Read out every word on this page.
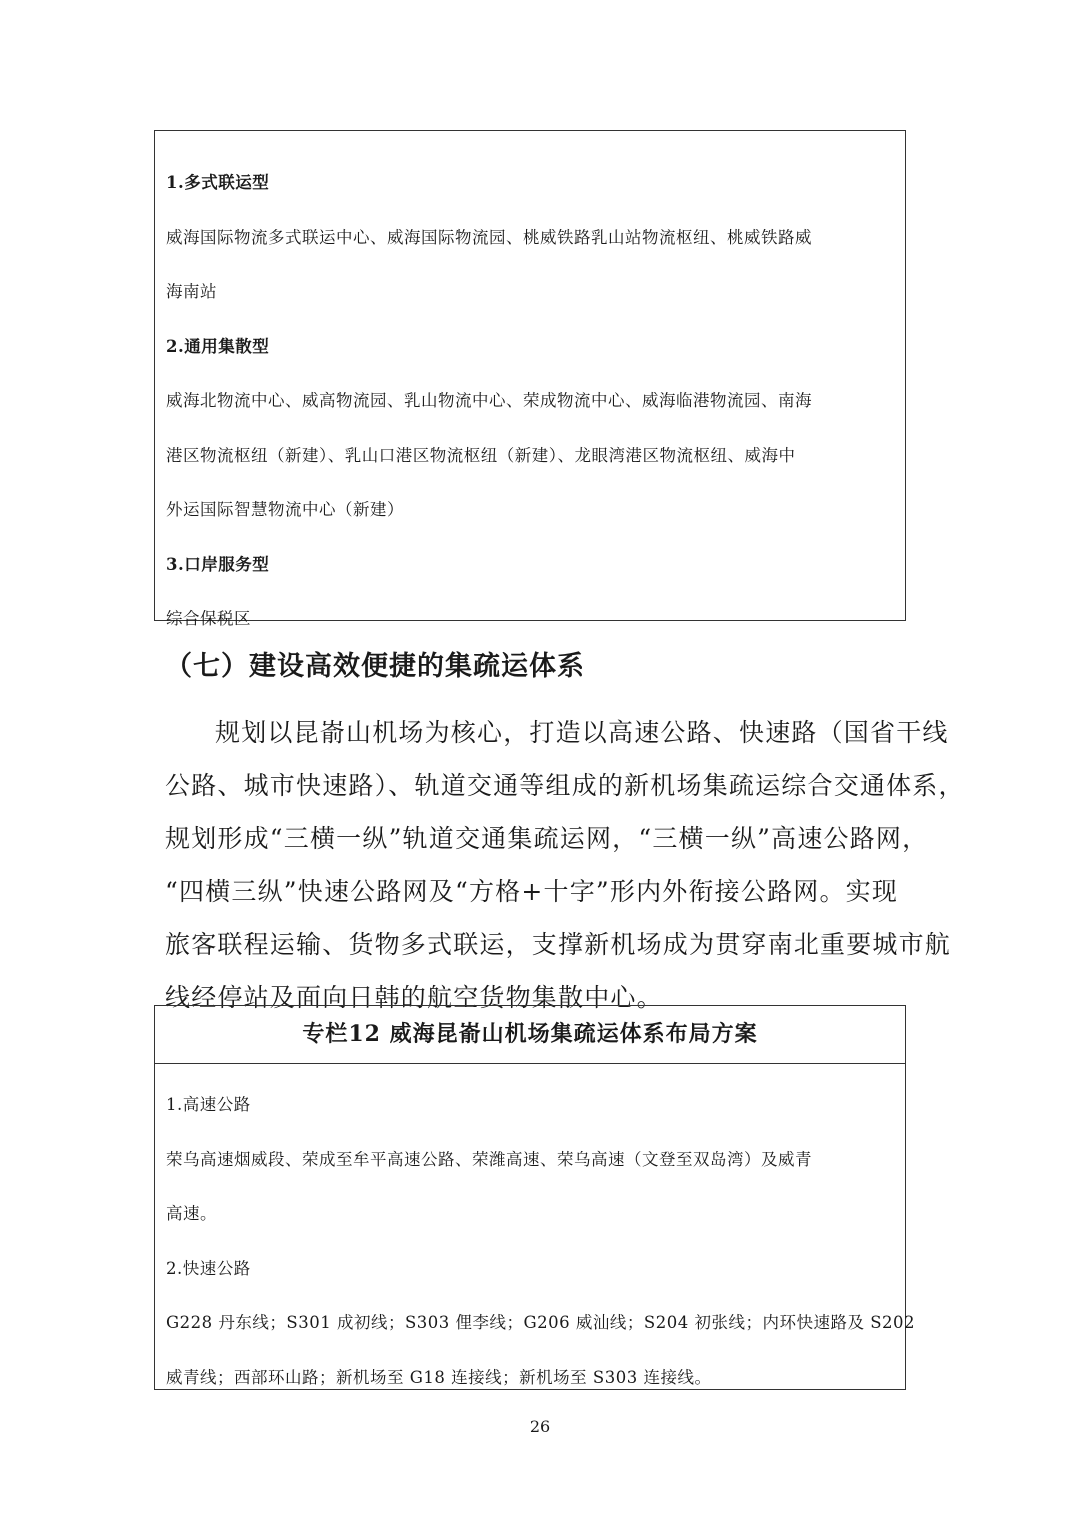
1.多式联运型
威海国际物流多式联运中心、威海国际物流园、桃威铁路乳山站物流枢纽、桃威铁路威
海南站
2.通用集散型
威海北物流中心、威高物流园、乳山物流中心、荣成物流中心、威海临港物流园、南海
港区物流枢纽（新建）、乳山口港区物流枢纽（新建）、龙眼湾港区物流枢纽、威海中
外运国际智慧物流中心（新建）
3.口岸服务型
综合保税区
（七）建设高效便捷的集疏运体系
规划以昆嵛山机场为核心，打造以高速公路、快速路（国省干线
公路、城市快速路）、轨道交通等组成的新机场集疏运综合交通体系，
规划形成“三横一纵”轨道交通集疏运网，“三横一纵”高速公路网，
“四横三纵”快速公路网及“方格+十字”形内外衔接公路网。实现
旅客联程运输、货物多式联运，支撑新机场成为贯穿南北重要城市航
线经停站及面向日韩的航空货物集散中心。
专栏12 威海昆嵛山机场集疏运体系布局方案
1.高速公路
荣乌高速烟威段、荣成至牟平高速公路、荣潍高速、荣乌高速（文登至双岛湾）及威青
高速。
2.快速公路
G228 丹东线；S301 成初线；S303 俚李线；G206 威汕线；S204 初张线；内环快速路及 S202
威青线；西部环山路；新机场至 G18 连接线；新机场至 S303 连接线。
26
